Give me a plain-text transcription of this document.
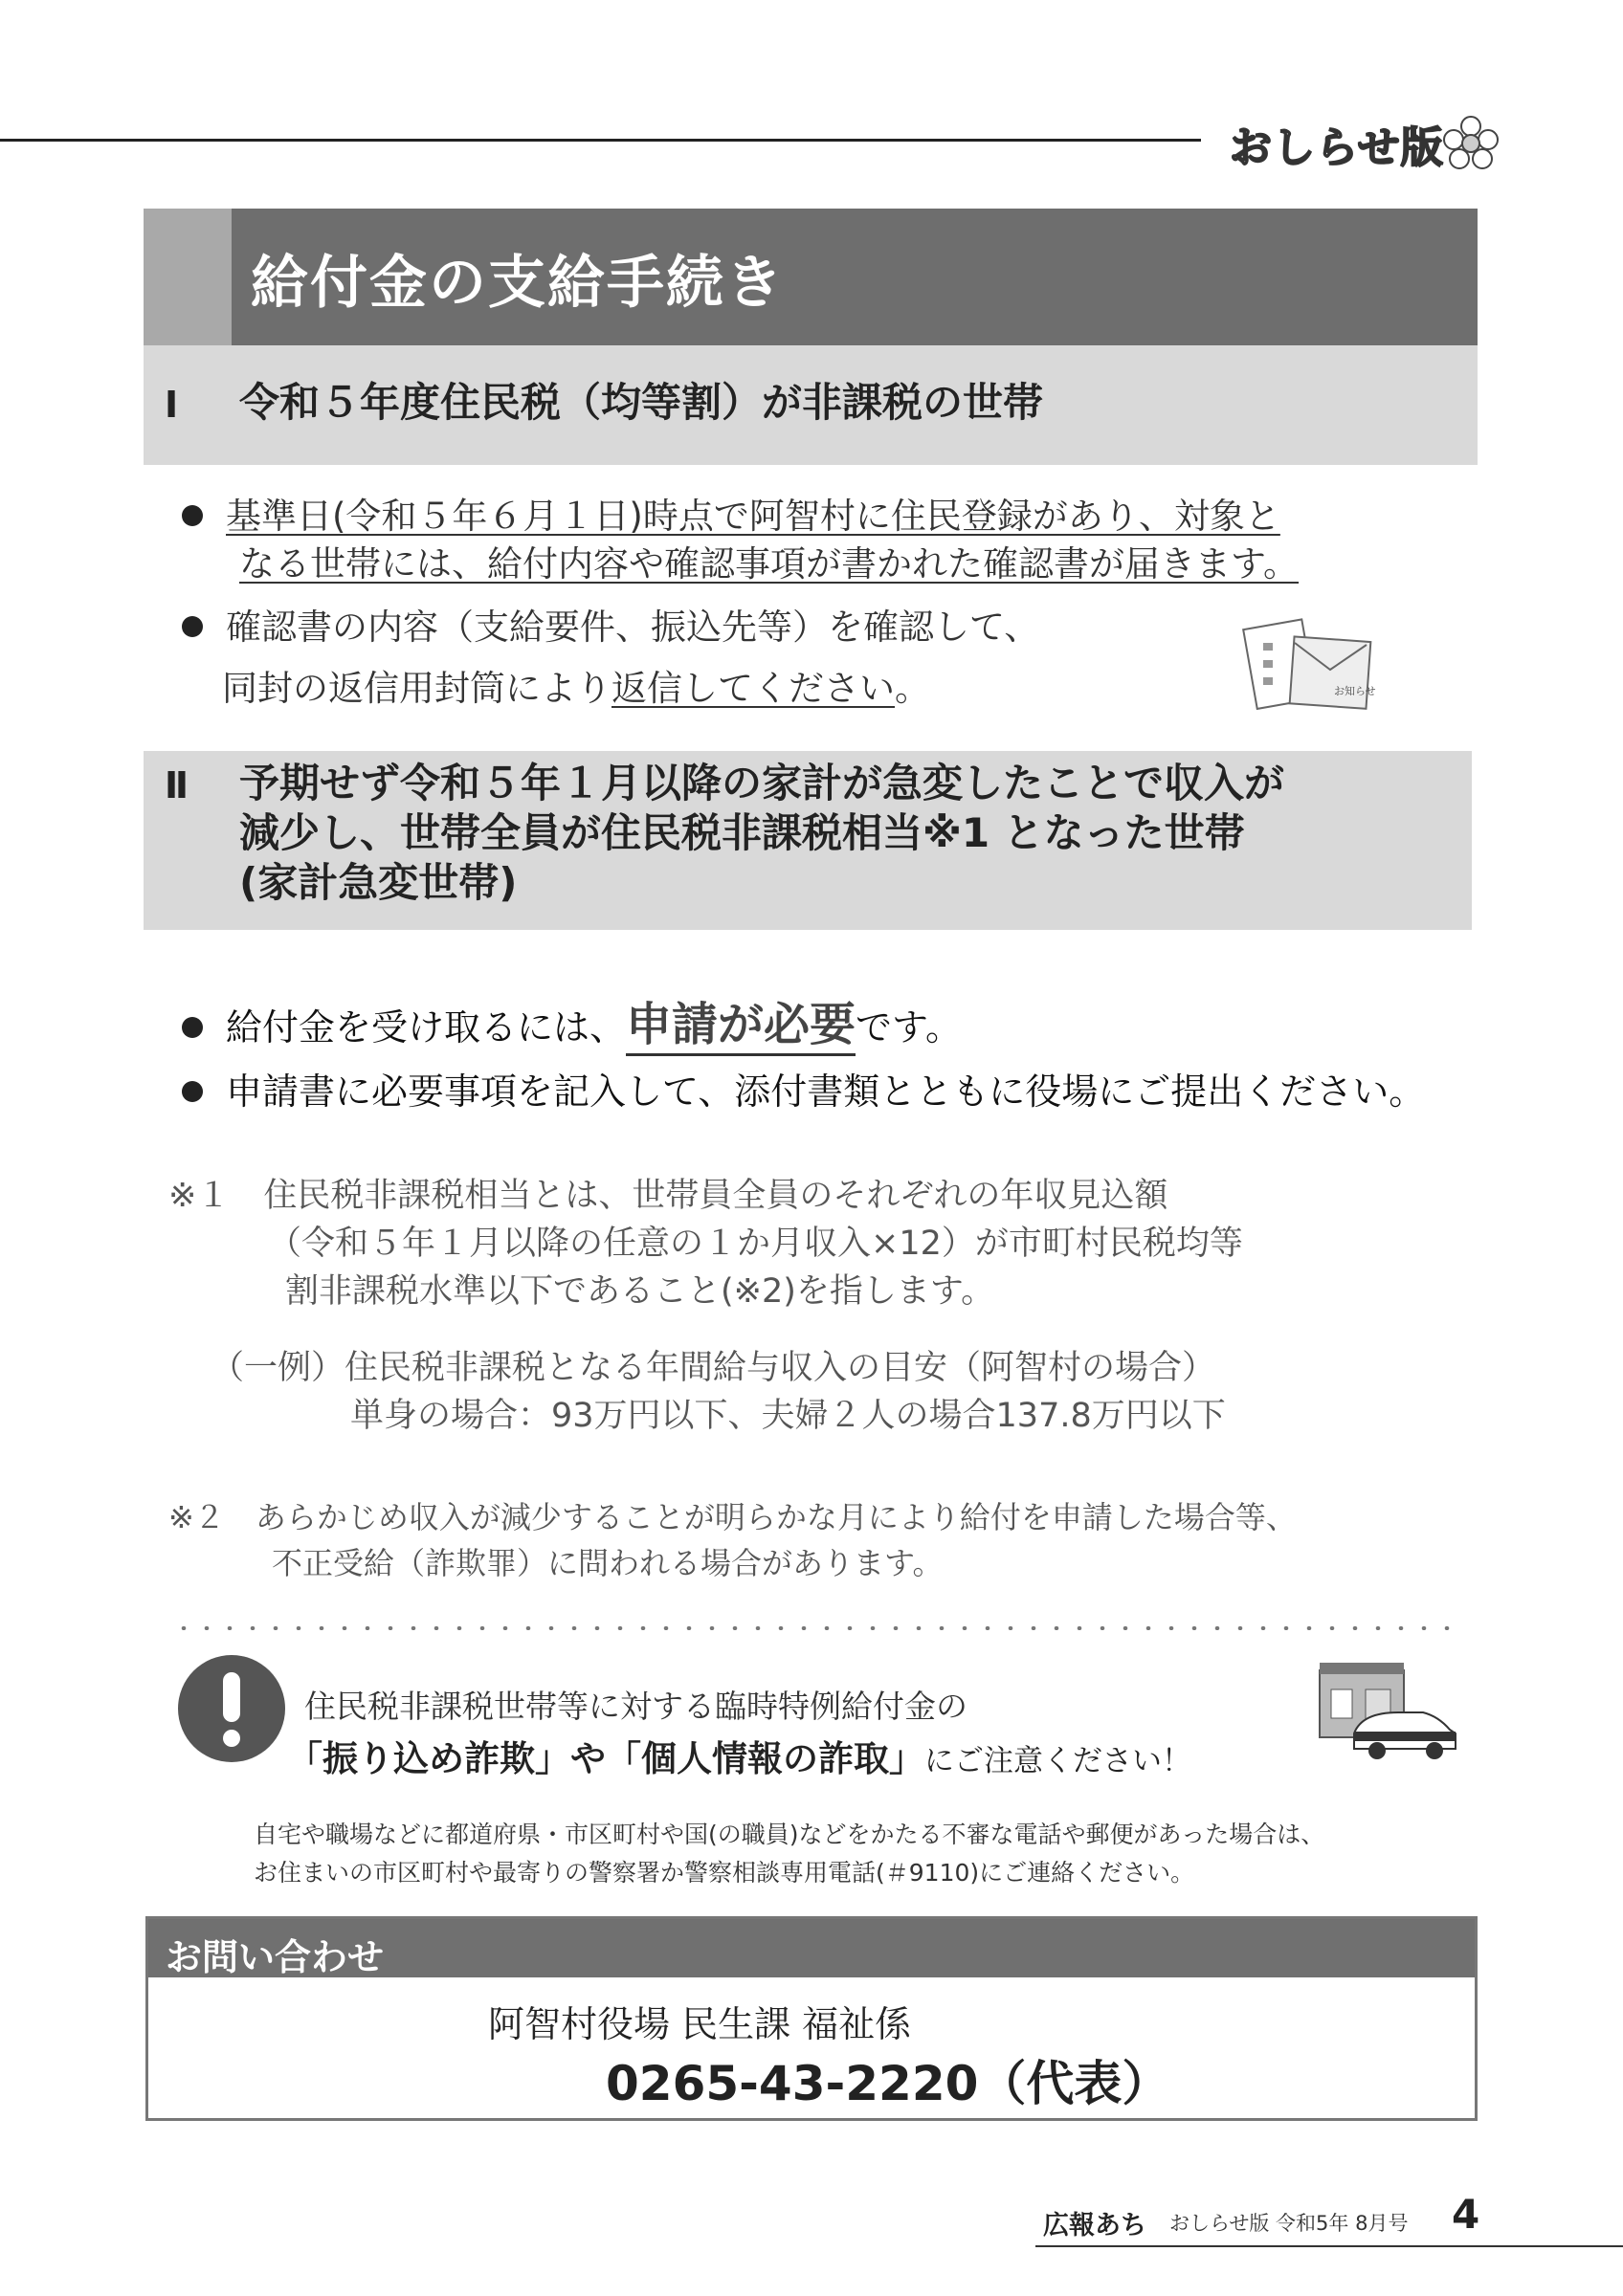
おしらせ版
給付金の支給手続き
Ⅰ 令和５年度住民税（均等割）が非課税の世帯
基準日(令和５年６月１日)時点で阿智村に住民登録があり、対象と
なる世帯には、給付内容や確認事項が書かれた確認書が届きます。
確認書の内容（支給要件、振込先等）を確認して、
同封の返信用封筒により返信してください。	お知らせ
Ⅱ 予期せず令和５年１月以降の家計が急変したことで収入が
減少し、世帯全員が住民税非課税相当※1 となった世帯
(家計急変世帯)
給付金を受け取るには、申請が必要です。
申請書に必要事項を記入して、添付書類とともに役場にご提出ください。
※１　住民税非課税相当とは、世帯員全員のそれぞれの年収見込額
（令和５年１月以降の任意の１か月収入×12）が市町村民税均等
割非課税水準以下であること(※2)を指します。
（一例）住民税非課税となる年間給与収入の目安（阿智村の場合）
単身の場合：93万円以下、夫婦２人の場合137.8万円以下
※２　あらかじめ収入が減少することが明らかな月により給付を申請した場合等、
不正受給（詐欺罪）に問われる場合があります。
住民税非課税世帯等に対する臨時特例給付金の
「振り込め詐欺」や「個人情報の詐取」にご注意ください！
自宅や職場などに都道府県・市区町村や国(の職員)などをかたる不審な電話や郵便があった場合は、
お住まいの市区町村や最寄りの警察署か警察相談専用電話(＃9110)にご連絡ください。
お問い合わせ
阿智村役場 民生課 福祉係
0265-43-2220（代表）
広報あち おしらせ版 令和5年 8月号 4
